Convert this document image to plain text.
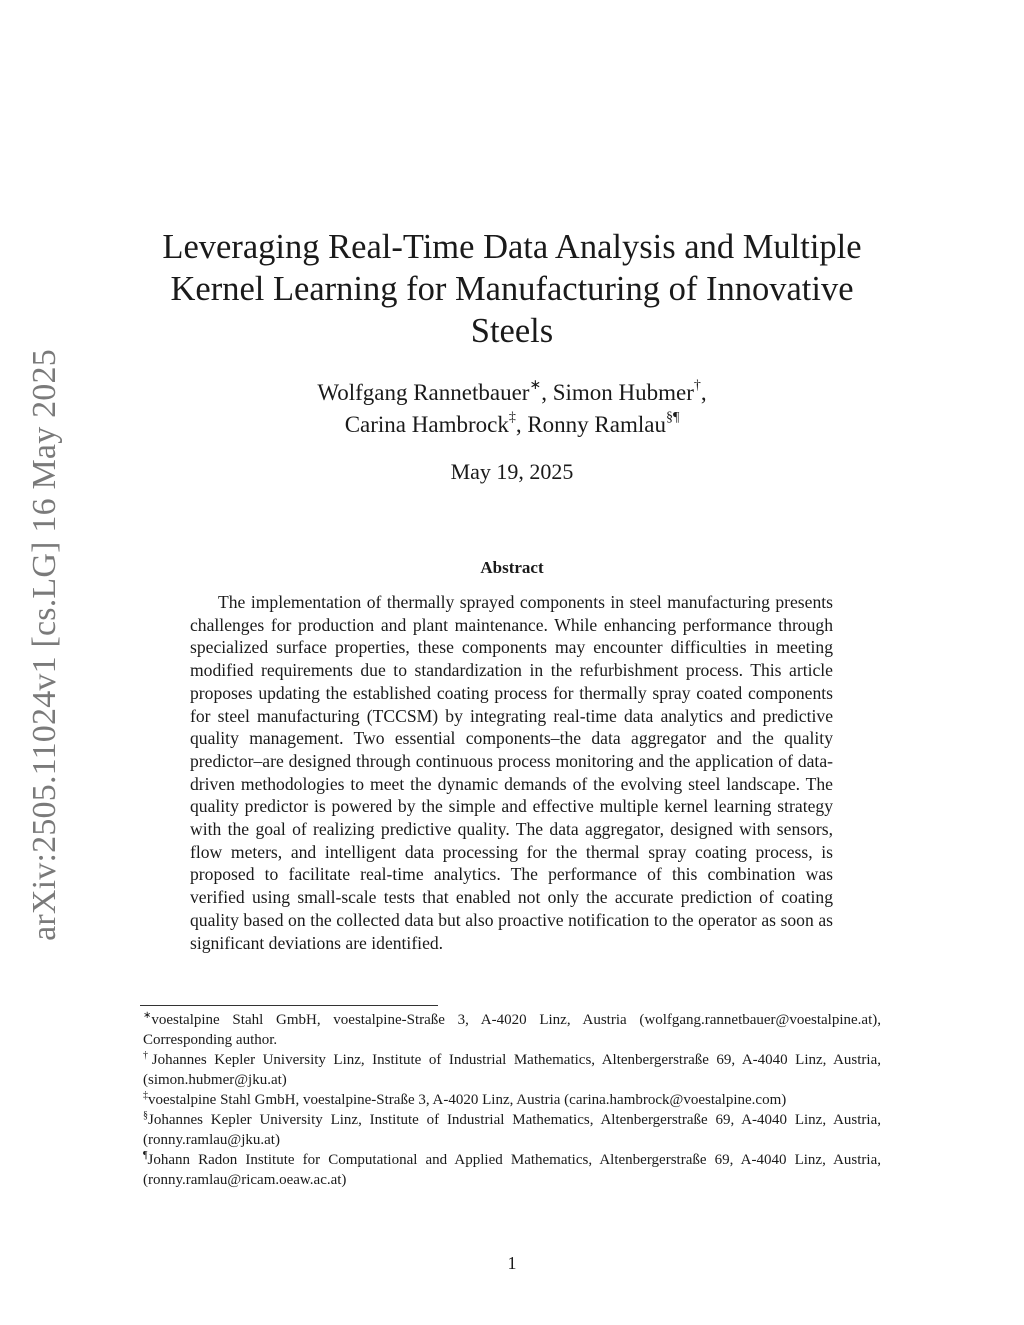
arXiv:2505.11024v1 [cs.LG] 16 May 2025
Leveraging Real-Time Data Analysis and Multiple
Kernel Learning for Manufacturing of Innovative
Steels
Wolfgang Rannetbauer∗, Simon Hubmer†,
Carina Hambrock‡, Ronny Ramlau§¶
May 19, 2025
Abstract

The implementation of thermally sprayed components in steel manufacturing presents challenges for production and plant maintenance. While enhancing performance through specialized surface properties, these components may encounter difficulties in meeting modified requirements due to standardization in the refurbishment process. This article proposes updating the established coating process for thermally spray coated components for steel manufacturing (TCCSM) by integrating real-time data analytics and predictive quality management. Two essential components–the data aggregator and the quality predictor–are designed through continuous process monitoring and the application of data-driven methodologies to meet the dynamic demands of the evolving steel landscape. The quality predictor is powered by the simple and effective multiple kernel learning strategy with the goal of realizing predictive quality. The data aggregator, designed with sensors, flow meters, and intelligent data processing for the thermal spray coating process, is proposed to facilitate real-time analytics. The performance of this combination was verified using small-scale tests that enabled not only the accurate prediction of coating quality based on the collected data but also proactive notification to the operator as soon as significant deviations are identified.

∗voestalpine Stahl GmbH, voestalpine-Straße 3, A-4020 Linz, Austria (wolfgang.rannetbauer@voestalpine.at), Corresponding author.

†Johannes Kepler University Linz, Institute of Industrial Mathematics, Altenbergerstraße 69, A-4040 Linz, Austria, (simon.hubmer@jku.at)

‡voestalpine Stahl GmbH, voestalpine-Straße 3, A-4020 Linz, Austria (carina.hambrock@voestalpine.com)

§Johannes Kepler University Linz, Institute of Industrial Mathematics, Altenbergerstraße 69, A-4040 Linz, Austria, (ronny.ramlau@jku.at)

¶Johann Radon Institute for Computational and Applied Mathematics, Altenbergerstraße 69, A-4040 Linz, Austria, (ronny.ramlau@ricam.oeaw.ac.at)

1
